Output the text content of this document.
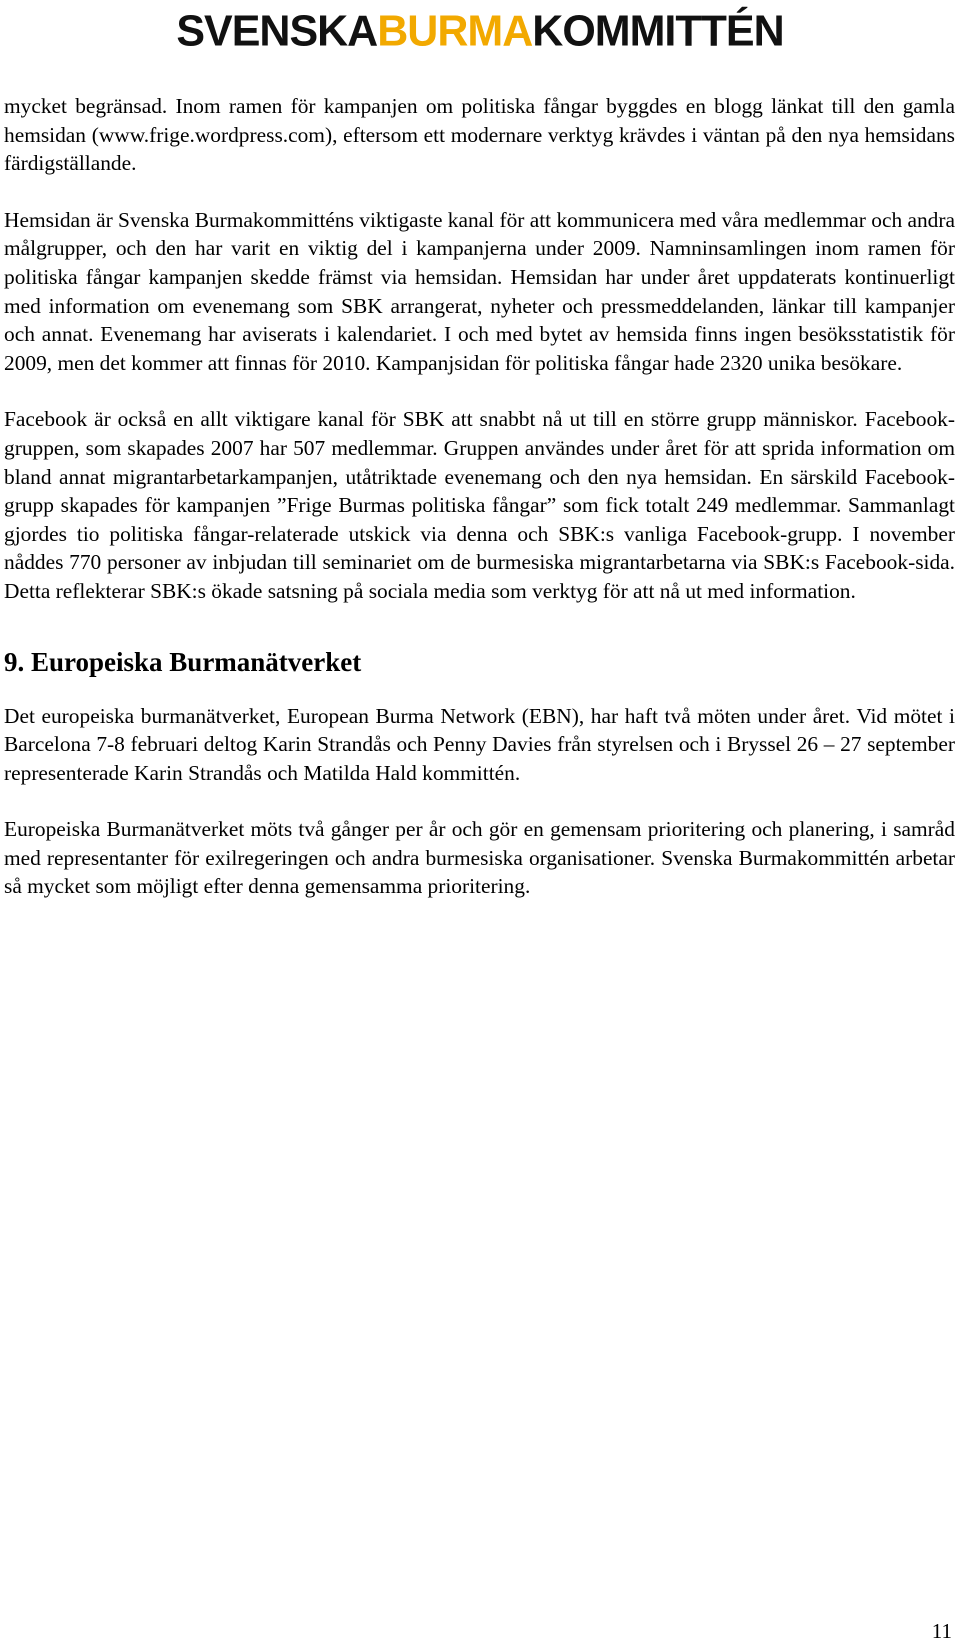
SVENSKABURMAKOMMITTÉN

mycket begränsad. Inom ramen för kampanjen om politiska fångar byggdes en blogg länkat till den gamla hemsidan (www.frige.wordpress.com), eftersom ett modernare verktyg krävdes i väntan på den nya hemsidans färdigställande.

Hemsidan är Svenska Burmakommitténs viktigaste kanal för att kommunicera med våra medlemmar och andra målgrupper, och den har varit en viktig del i kampanjerna under 2009. Namninsamlingen inom ramen för politiska fångar kampanjen skedde främst via hemsidan. Hemsidan har under året uppdaterats kontinuerligt med information om evenemang som SBK arrangerat, nyheter och pressmeddelanden, länkar till kampanjer och annat. Evenemang har aviserats i kalendariet. I och med bytet av hemsida finns ingen besöksstatistik för 2009, men det kommer att finnas för 2010. Kampanjsidan för politiska fångar hade 2320 unika besökare.

Facebook är också en allt viktigare kanal för SBK att snabbt nå ut till en större grupp människor. Facebook-gruppen, som skapades 2007 har 507 medlemmar. Gruppen användes under året för att sprida information om bland annat migrantarbetarkampanjen, utåtriktade evenemang och den nya hemsidan. En särskild Facebook-grupp skapades för kampanjen ”Frige Burmas politiska fångar” som fick totalt 249 medlemmar. Sammanlagt gjordes tio politiska fångar-relaterade utskick via denna och SBK:s vanliga Facebook-grupp. I november nåddes 770 personer av inbjudan till seminariet om de burmesiska migrantarbetarna via SBK:s Facebook-sida. Detta reflekterar SBK:s ökade satsning på sociala media som verktyg för att nå ut med information.

9. Europeiska Burmanätverket

Det europeiska burmanätverket, European Burma Network (EBN), har haft två möten under året. Vid mötet i Barcelona 7-8 februari deltog Karin Strandås och Penny Davies från styrelsen och i Bryssel 26 – 27 september representerade Karin Strandås och Matilda Hald kommittén.

Europeiska Burmanätverket möts två gånger per år och gör en gemensam prioritering och planering, i samråd med representanter för exilregeringen och andra burmesiska organisationer. Svenska Burmakommittén arbetar så mycket som möjligt efter denna gemensamma prioritering.

11
